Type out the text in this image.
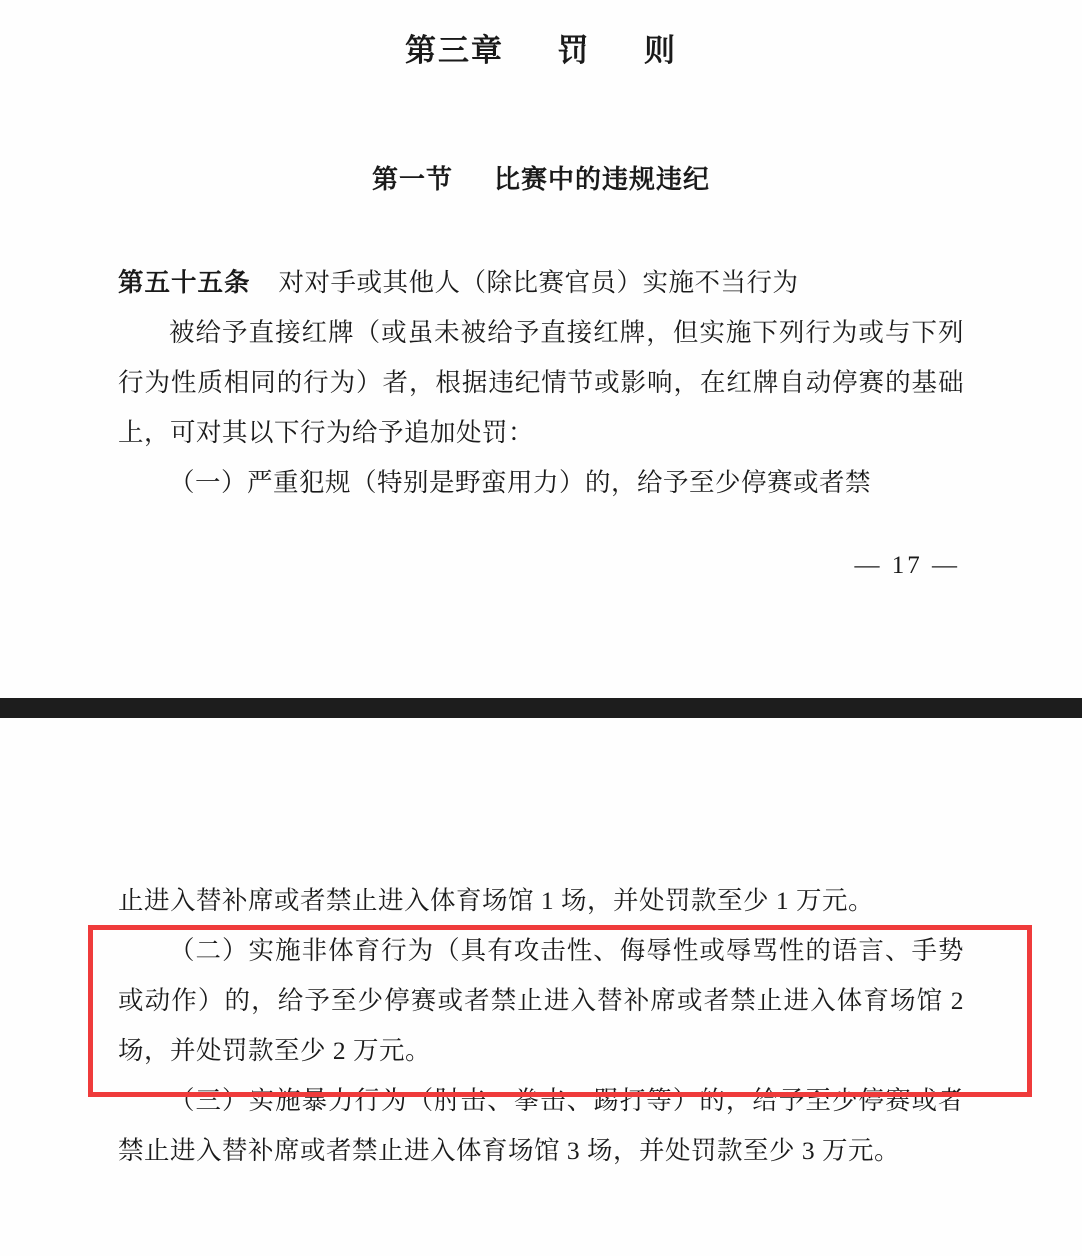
第三章 罚 则
第一节 比赛中的违规违纪

第五十五条 对对手或其他人（除比赛官员）实施不当行为

被给予直接红牌（或虽未被给予直接红牌，但实施下列行为或与下列行为性质相同的行为）者，根据违纪情节或影响，在红牌自动停赛的基础上，可对其以下行为给予追加处罚：

（一）严重犯规（特别是野蛮用力）的，给予至少停赛或者禁

— 17 —

止进入替补席或者禁止进入体育场馆 1 场，并处罚款至少 1 万元。

（二）实施非体育行为（具有攻击性、侮辱性或辱骂性的语言、手势或动作）的，给予至少停赛或者禁止进入替补席或者禁止进入体育场馆 2 场，并处罚款至少 2 万元。

（三）实施暴力行为（肘击、拳击、踢打等）的，给予至少停赛或者禁止进入替补席或者禁止进入体育场馆 3 场，并处罚款至少 3 万元。
